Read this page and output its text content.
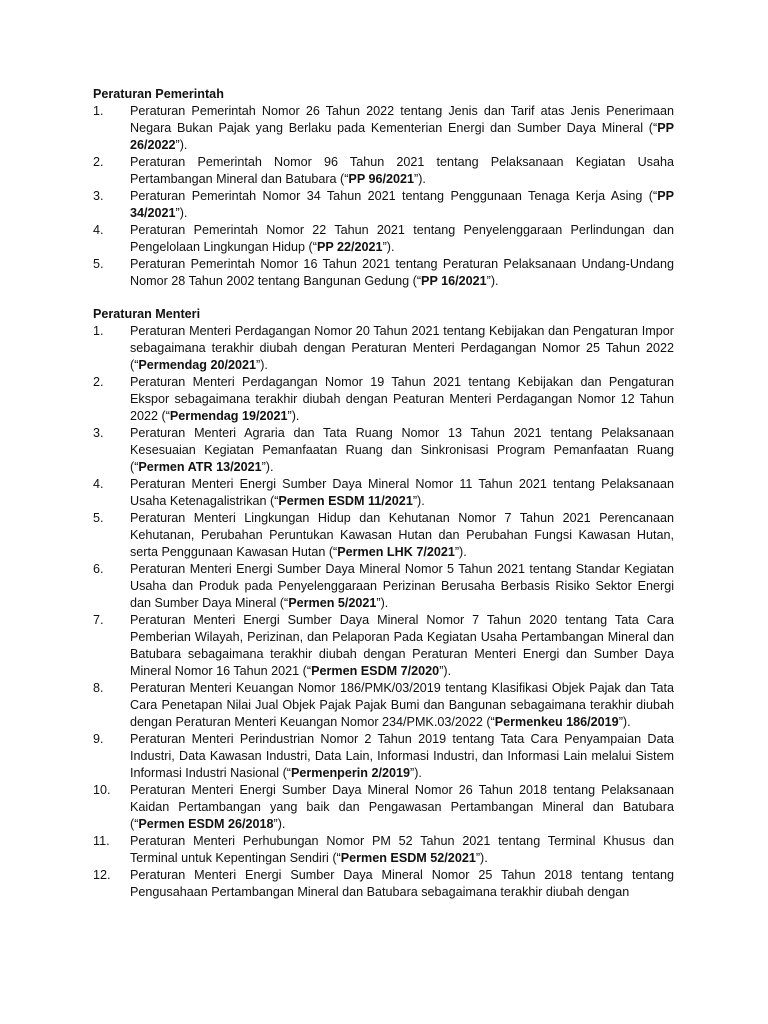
Peraturan Pemerintah

1. Peraturan Pemerintah Nomor 26 Tahun 2022 tentang Jenis dan Tarif atas Jenis Penerimaan Negara Bukan Pajak yang Berlaku pada Kementerian Energi dan Sumber Daya Mineral (“PP 26/2022”).
2. Peraturan Pemerintah Nomor 96 Tahun 2021 tentang Pelaksanaan Kegiatan Usaha Pertambangan Mineral dan Batubara (“PP 96/2021”).
3. Peraturan Pemerintah Nomor 34 Tahun 2021 tentang Penggunaan Tenaga Kerja Asing (“PP 34/2021”).
4. Peraturan Pemerintah Nomor 22 Tahun 2021 tentang Penyelenggaraan Perlindungan dan Pengelolaan Lingkungan Hidup (“PP 22/2021”).
5. Peraturan Pemerintah Nomor 16 Tahun 2021 tentang Peraturan Pelaksanaan Undang-Undang Nomor 28 Tahun 2002 tentang Bangunan Gedung (“PP 16/2021”).

Peraturan Menteri

1. Peraturan Menteri Perdagangan Nomor 20 Tahun 2021 tentang Kebijakan dan Pengaturan Impor sebagaimana terakhir diubah dengan Peraturan Menteri Perdagangan Nomor 25 Tahun 2022 (“Permendag 20/2021”).
2. Peraturan Menteri Perdagangan Nomor 19 Tahun 2021 tentang Kebijakan dan Pengaturan Ekspor sebagaimana terakhir diubah dengan Peaturan Menteri Perdagangan Nomor 12 Tahun 2022 (“Permendag 19/2021”).
3. Peraturan Menteri Agraria dan Tata Ruang Nomor 13 Tahun 2021 tentang Pelaksanaan Kesesuaian Kegiatan Pemanfaatan Ruang dan Sinkronisasi Program Pemanfaatan Ruang (“Permen ATR 13/2021”).
4. Peraturan Menteri Energi Sumber Daya Mineral Nomor 11 Tahun 2021 tentang Pelaksanaan Usaha Ketenagalistrikan (“Permen ESDM 11/2021”).
5. Peraturan Menteri Lingkungan Hidup dan Kehutanan Nomor 7 Tahun 2021 Perencanaan Kehutanan, Perubahan Peruntukan Kawasan Hutan dan Perubahan Fungsi Kawasan Hutan, serta Penggunaan Kawasan Hutan (“Permen LHK 7/2021”).
6. Peraturan Menteri Energi Sumber Daya Mineral Nomor 5 Tahun 2021 tentang Standar Kegiatan Usaha dan Produk pada Penyelenggaraan Perizinan Berusaha Berbasis Risiko Sektor Energi dan Sumber Daya Mineral (“Permen 5/2021”).
7. Peraturan Menteri Energi Sumber Daya Mineral Nomor 7 Tahun 2020 tentang Tata Cara Pemberian Wilayah, Perizinan, dan Pelaporan Pada Kegiatan Usaha Pertambangan Mineral dan Batubara sebagaimana terakhir diubah dengan Peraturan Menteri Energi dan Sumber Daya Mineral Nomor 16 Tahun 2021 (“Permen ESDM 7/2020”).
8. Peraturan Menteri Keuangan Nomor 186/PMK/03/2019 tentang Klasifikasi Objek Pajak dan Tata Cara Penetapan Nilai Jual Objek Pajak Pajak Bumi dan Bangunan sebagaimana terakhir diubah dengan Peraturan Menteri Keuangan Nomor 234/PMK.03/2022 (“Permenkeu 186/2019”).
9. Peraturan Menteri Perindustrian Nomor 2 Tahun 2019 tentang Tata Cara Penyampaian Data Industri, Data Kawasan Industri, Data Lain, Informasi Industri, dan Informasi Lain melalui Sistem Informasi Industri Nasional (“Permenperin 2/2019”).
10. Peraturan Menteri Energi Sumber Daya Mineral Nomor 26 Tahun 2018 tentang Pelaksanaan Kaidan Pertambangan yang baik dan Pengawasan Pertambangan Mineral dan Batubara (“Permen ESDM 26/2018”).
11. Peraturan Menteri Perhubungan Nomor PM 52 Tahun 2021 tentang Terminal Khusus dan Terminal untuk Kepentingan Sendiri (“Permen ESDM 52/2021”).
12. Peraturan Menteri Energi Sumber Daya Mineral Nomor 25 Tahun 2018 tentang tentang Pengusahaan Pertambangan Mineral dan Batubara sebagaimana terakhir diubah dengan
